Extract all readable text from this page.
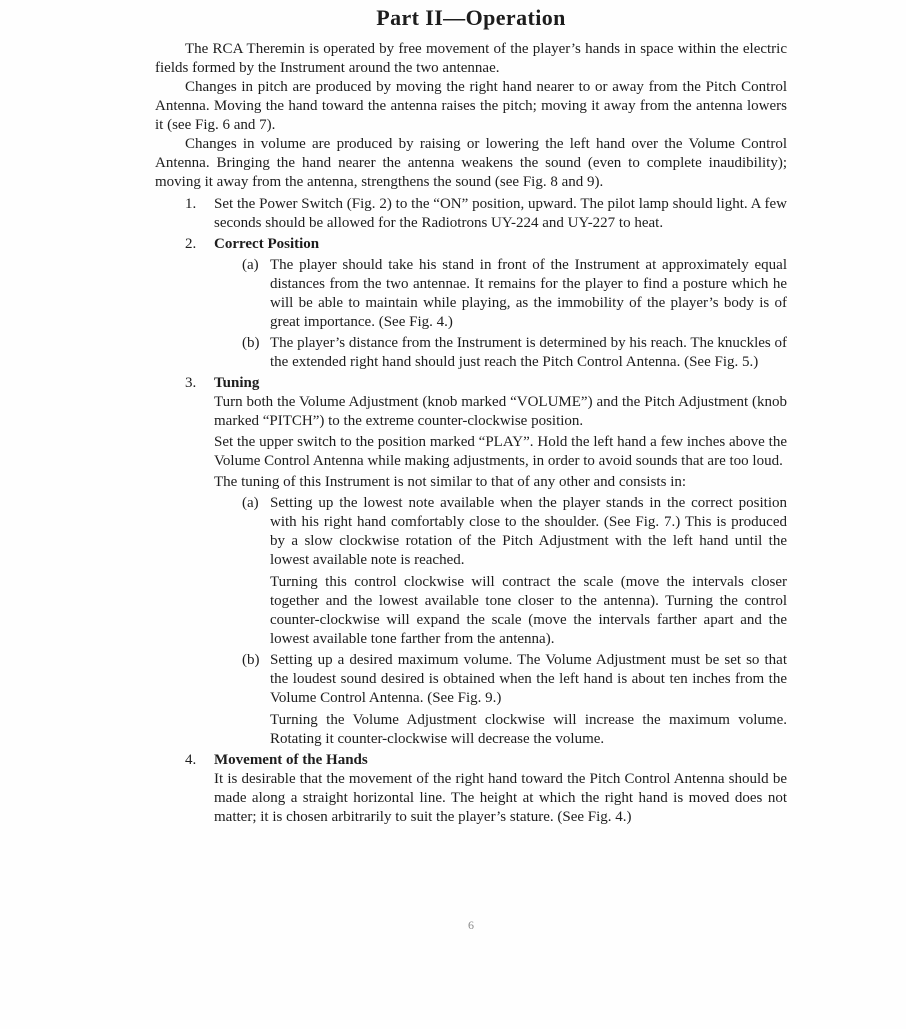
Part II—Operation

The RCA Theremin is operated by free movement of the player’s hands in space within the electric fields formed by the Instrument around the two antennae.

Changes in pitch are produced by moving the right hand nearer to or away from the Pitch Control Antenna. Moving the hand toward the antenna raises the pitch; moving it away from the antenna lowers it (see Fig. 6 and 7).

Changes in volume are produced by raising or lowering the left hand over the Volume Control Antenna. Bringing the hand nearer the antenna weakens the sound (even to complete inaudibility); moving it away from the antenna, strengthens the sound (see Fig. 8 and 9).

1.	Set the Power Switch (Fig. 2) to the “ON” position, upward. The pilot lamp should light. A few seconds should be allowed for the Radiotrons UY-224 and UY-227 to heat.

2.	Correct Position
(a) The player should take his stand in front of the Instrument at approximately equal distances from the two antennae. It remains for the player to find a posture which he will be able to maintain while playing, as the immobility of the player’s body is of great importance. (See Fig. 4.)

(b) The player’s distance from the Instrument is determined by his reach. The knuckles of the extended right hand should just reach the Pitch Control Antenna. (See Fig. 5.)

3.	Tuning

Turn both the Volume Adjustment (knob marked “VOLUME”) and the Pitch Adjustment (knob marked “PITCH”) to the extreme counter-clockwise position.

Set the upper switch to the position marked “PLAY”. Hold the left hand a few inches above the Volume Control Antenna while making adjustments, in order to avoid sounds that are too loud.

The tuning of this Instrument is not similar to that of any other and consists in:

(a) Setting up the lowest note available when the player stands in the correct position with his right hand comfortably close to the shoulder. (See Fig. 7.) This is produced by a slow clockwise rotation of the Pitch Adjustment with the left hand until the lowest available note is reached.

Turning this control clockwise will contract the scale (move the intervals closer together and the lowest available tone closer to the antenna). Turning the control counter-clockwise will expand the scale (move the intervals farther apart and the lowest available tone farther from the antenna).

(b) Setting up a desired maximum volume. The Volume Adjustment must be set so that the loudest sound desired is obtained when the left hand is about ten inches from the Volume Control Antenna. (See Fig. 9.)

Turning the Volume Adjustment clockwise will increase the maximum volume. Rotating it counter-clockwise will decrease the volume.

4.	Movement of the Hands

It is desirable that the movement of the right hand toward the Pitch Control Antenna should be made along a straight horizontal line. The height at which the right hand is moved does not matter; it is chosen arbitrarily to suit the player’s stature. (See Fig. 4.)

6
